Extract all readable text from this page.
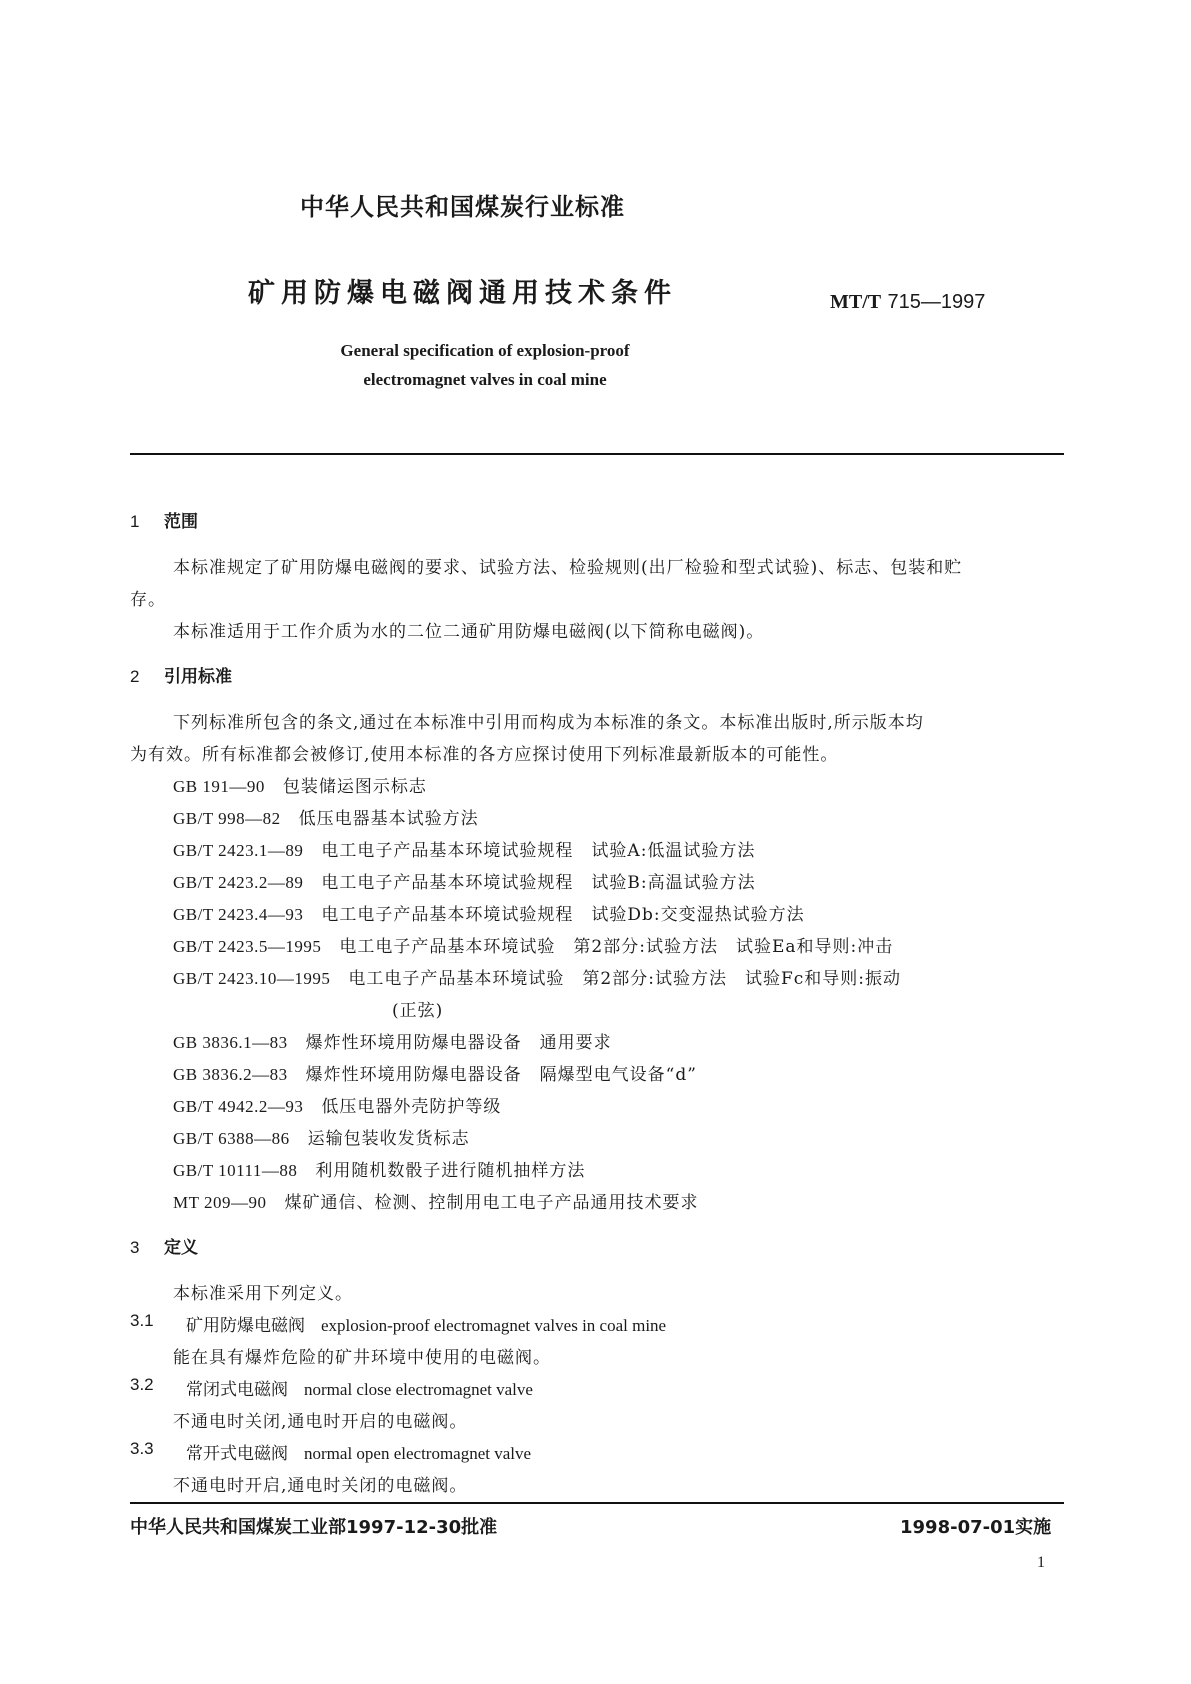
中华人民共和国煤炭行业标准
矿用防爆电磁阀通用技术条件	MT/T 715—1997
General specification of explosion-proof
electromagnet valves in coal mine
1 范围
本标准规定了矿用防爆电磁阀的要求、试验方法、检验规则(出厂检验和型式试验)、标志、包装和贮
存。
本标准适用于工作介质为水的二位二通矿用防爆电磁阀(以下简称电磁阀)。
2 引用标准
下列标准所包含的条文,通过在本标准中引用而构成为本标准的条文。本标准出版时,所示版本均
为有效。所有标准都会被修订,使用本标准的各方应探讨使用下列标准最新版本的可能性。
GB 191—90　 包装储运图示标志
GB/T 998—82　 低压电器基本试验方法
GB/T 2423.1—89　 电工电子产品基本环境试验规程　试验A:低温试验方法
GB/T 2423.2—89　 电工电子产品基本环境试验规程　试验B:高温试验方法
GB/T 2423.4—93　 电工电子产品基本环境试验规程　试验Db:交变湿热试验方法
GB/T 2423.5—1995　 电工电子产品基本环境试验　第2部分:试验方法　试验Ea和导则:冲击
GB/T 2423.10—1995　 电工电子产品基本环境试验　第2部分:试验方法　试验Fc和导则:振动
(正弦)
GB 3836.1—83　 爆炸性环境用防爆电器设备　通用要求
GB 3836.2—83　 爆炸性环境用防爆电器设备　隔爆型电气设备“d”
GB/T 4942.2—93　 低压电器外壳防护等级
GB/T 6388—86　 运输包装收发货标志
GB/T 10111—88　 利用随机数骰子进行随机抽样方法
MT 209—90　 煤矿通信、检测、控制用电工电子产品通用技术要求
3 定义
本标准采用下列定义。
3.1 矿用防爆电磁阀　 explosion-proof electromagnet valves in coal mine
能在具有爆炸危险的矿井环境中使用的电磁阀。
3.2 常闭式电磁阀　 normal close electromagnet valve
不通电时关闭,通电时开启的电磁阀。
3.3 常开式电磁阀　 normal open electromagnet valve
不通电时开启,通电时关闭的电磁阀。
中华人民共和国煤炭工业部1997-12-30批准	1998-07-01实施
1
